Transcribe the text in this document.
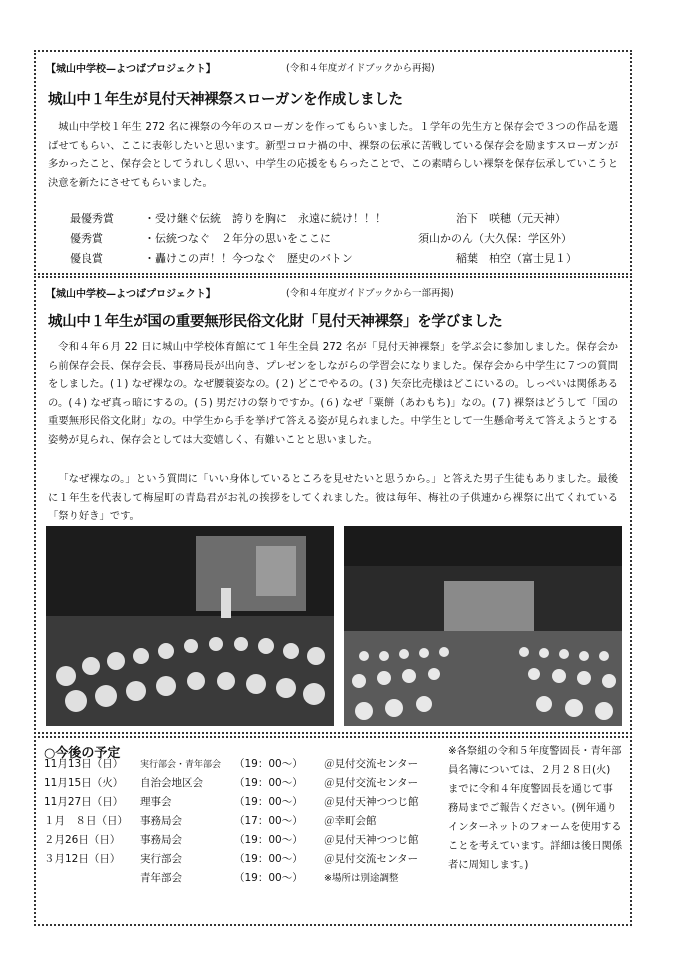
【城山中学校—よつばプロジェクト】	(令和４年度ガイドブックから再掲)
城山中１年生が見付天神裸祭スローガンを作成しました
城山中学校１年生 272 名に裸祭の今年のスローガンを作ってもらいました。１学年の先生方と保存会で３つの作品を選ばせてもらい、ここに表彰したいと思います。新型コロナ禍の中、裸祭の伝承に苦戦している保存会を励ますスローガンが多かったこと、保存会としてうれしく思い、中学生の応援をもらったことで、この素晴らしい裸祭を保存伝承していこうと決意を新たにさせてもらいました。
最優秀賞	・受け継ぐ伝統　誇りを胸に　永遠に続け！！！	治下　咲穂（元天神）
優秀賞	・伝統つなぐ　２年分の思いをここに	須山かのん（大久保：学区外）
優良賞	・轟けこの声！！今つなぐ　歴史のバトン	稲葉　柏空（富士見１）
【城山中学校—よつばプロジェクト】	(令和４年度ガイドブックから一部再掲)
城山中１年生が国の重要無形民俗文化財「見付天神裸祭」を学びました
令和４年６月 22 日に城山中学校体育館にて１年生全員 272 名が「見付天神裸祭」を学ぶ会に参加しました。保存会から前保存会長、保存会長、事務局長が出向き、プレゼンをしながらの学習会になりました。保存会から中学生に７つの質問をしました。(１) なぜ裸なの。なぜ腰蓑姿なの。(２) どこでやるの。(３) 矢奈比売様はどこにいるの。しっぺいは関係あるの。(４) なぜ真っ暗にするの。(５) 男だけの祭りですか。(６) なぜ「粟餅（あわもち)」なの。(７) 裸祭はどうして「国の重要無形民俗文化財」なの。中学生から手を挙げて答える姿が見られました。中学生として一生懸命考えて答えようとする姿勢が見られ、保存会としては大変嬉しく、有難いことと思いました。
「なぜ裸なの。」という質問に「いい身体しているところを見せたいと思うから。」と答えた男子生徒もありました。最後に１年生を代表して梅屋町の青島君がお礼の挨拶をしてくれました。彼は毎年、梅社の子供連から裸祭に出てくれている「祭り好き」です。
○今後の予定
11月13日（日） 実行部会・青年部会 （19：00～） ＠見付交流センター
11月15日（火） 自治会地区会	（19：00～） ＠見付交流センター
11月27日（日） 理事会	（19：00～） ＠見付天神つつじ館
１月　８日（日） 事務局会	（17：00～） ＠幸町会館
２月26日（日） 事務局会	（19：00～） ＠見付天神つつじ館
３月12日（日） 実行部会	（19：00～） ＠見付交流センター
青年部会	（19：00～） ※場所は別途調整
※各祭組の令和５年度警固長・青年部員名簿については、２月２８日(火) までに令和４年度警固長を通じて事務局までご報告ください。(例年通りインターネットのフォームを使用することを考えています。詳細は後日関係者に周知します。)
